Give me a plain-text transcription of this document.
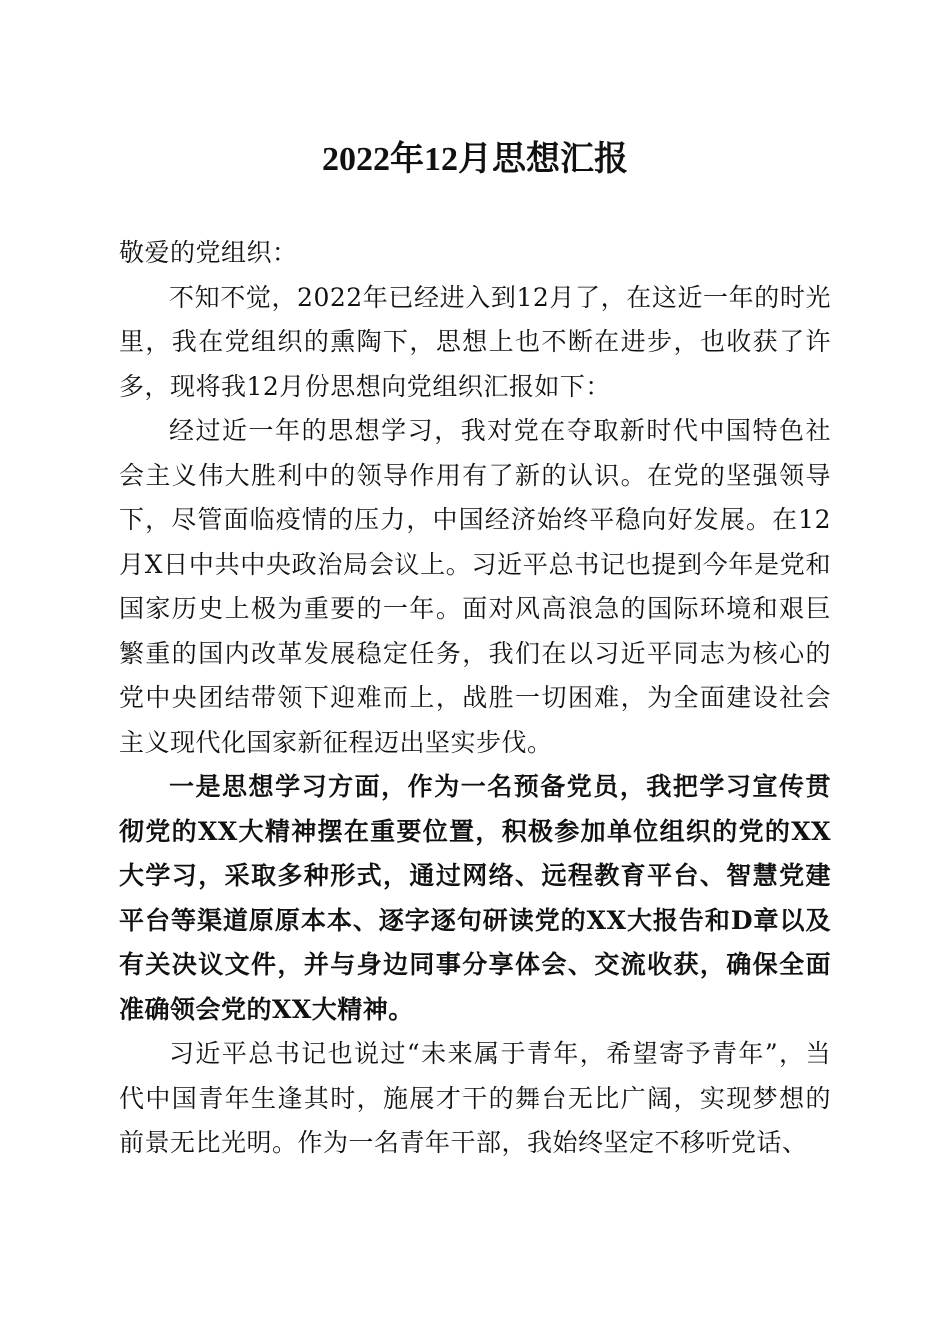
2022年12月思想汇报

敬爱的党组织：

不知不觉，2022年已经进入到12月了，在这近一年的时光里，我在党组织的熏陶下，思想上也不断在进步，也收获了许多，现将我12月份思想向党组织汇报如下：

经过近一年的思想学习，我对党在夺取新时代中国特色社会主义伟大胜利中的领导作用有了新的认识。在党的坚强领导下，尽管面临疫情的压力，中国经济始终平稳向好发展。在12月X日中共中央政治局会议上。习近平总书记也提到今年是党和国家历史上极为重要的一年。面对风高浪急的国际环境和艰巨繁重的国内改革发展稳定任务，我们在以习近平同志为核心的党中央团结带领下迎难而上，战胜一切困难，为全面建设社会主义现代化国家新征程迈出坚实步伐。

一是思想学习方面，作为一名预备党员，我把学习宣传贯彻党的XX大精神摆在重要位置，积极参加单位组织的党的XX大学习，采取多种形式，通过网络、远程教育平台、智慧党建平台等渠道原原本本、逐字逐句研读党的XX大报告和D章以及有关决议文件，并与身边同事分享体会、交流收获，确保全面准确领会党的XX大精神。

习近平总书记也说过“未来属于青年，希望寄予青年”，当代中国青年生逢其时，施展才干的舞台无比广阔，实现梦想的前景无比光明。作为一名青年干部，我始终坚定不移听党话、
